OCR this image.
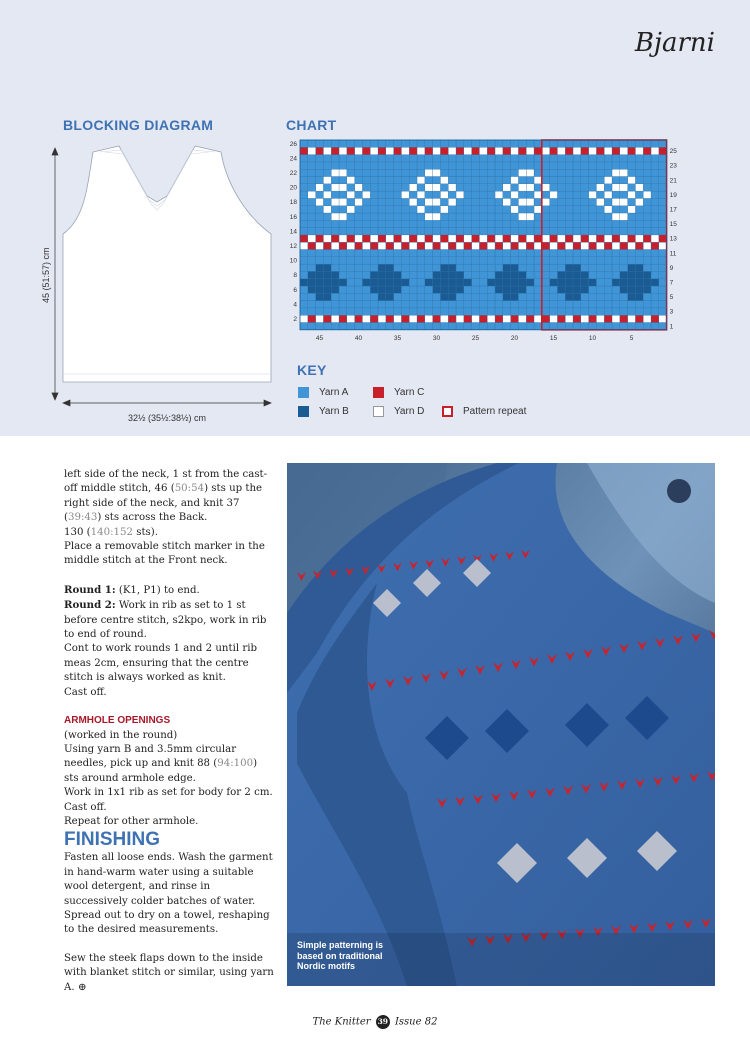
Bjarni
BLOCKING DIAGRAM	CHART
45 (51:57) cm
32½ (35½:38½) cm
26
24
22
20
18
16
14
12
10
8
6
4
2
25
23
21
19
17
15
13
11
9
7
5
3
1
45	40	35	30	25	20	15	10	5
KEY
Yarn A	Yarn C
Yarn B	Yarn D	Pattern repeat

left side of the neck, 1 st from the cast-off middle stitch, 46 (50:54) sts up the right side of the neck, and knit 37 (39:43) sts across the Back.

130 (140:152 sts).

Place a removable stitch marker in the middle stitch at the Front neck.

Round 1: (K1, P1) to end.

Round 2: Work in rib as set to 1 st before centre stitch, s2kpo, work in rib to end of round.

Cont to work rounds 1 and 2 until rib meas 2cm, ensuring that the centre stitch is always worked as knit.

Cast off.

ARMHOLE OPENINGS

(worked in the round)

Using yarn B and 3.5mm circular needles, pick up and knit 88 (94:100) sts around armhole edge.

Work in 1x1 rib as set for body for 2 cm.

Cast off.

Repeat for other armhole.

FINISHING

Fasten all loose ends. Wash the garment in hand-warm water using a suitable wool detergent, and rinse in successively colder batches of water. Spread out to dry on a towel, reshaping to the desired measurements.

Sew the steek flaps down to the inside with blanket stitch or similar, using yarn A. ⊕

Simple patterning is based on traditional Nordic motifs
The Knitter 39 Issue 82
